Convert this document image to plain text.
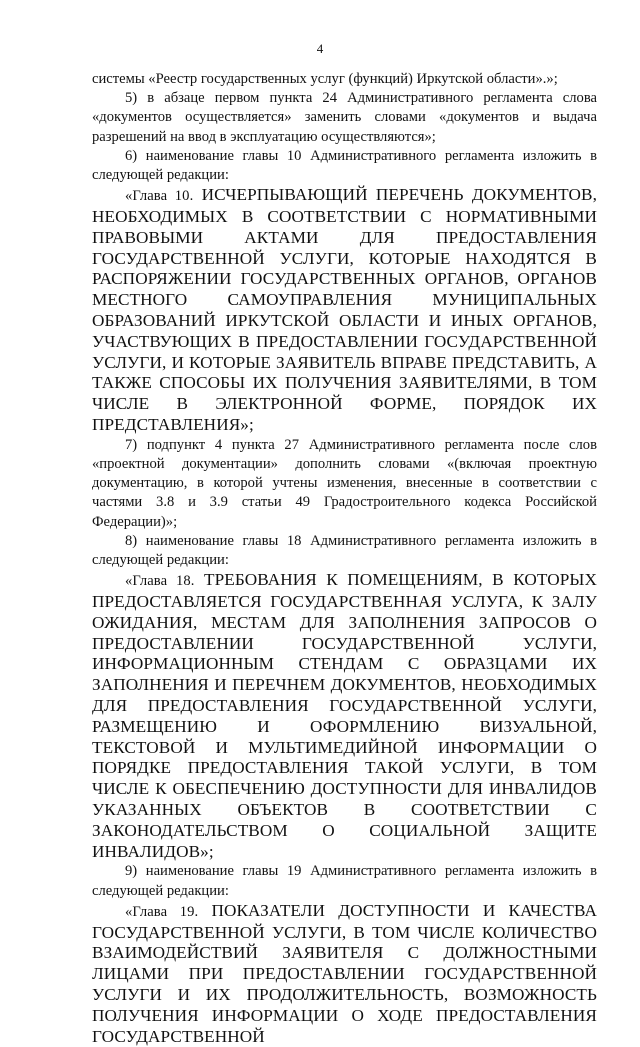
4

системы «Реестр государственных услуг (функций) Иркутской области».»;

5) в абзаце первом пункта 24 Административного регламента слова «документов осуществляется» заменить словами «документов и выдача разрешений на ввод в эксплуатацию осуществляются»;

6) наименование главы 10 Административного регламента изложить в следующей редакции:

«Глава 10. ИСЧЕРПЫВАЮЩИЙ ПЕРЕЧЕНЬ ДОКУМЕНТОВ, НЕОБХОДИМЫХ В СООТВЕТСТВИИ С НОРМАТИВНЫМИ ПРАВОВЫМИ АКТАМИ ДЛЯ ПРЕДОСТАВЛЕНИЯ ГОСУДАРСТВЕННОЙ УСЛУГИ, КОТОРЫЕ НАХОДЯТСЯ В РАСПОРЯЖЕНИИ ГОСУДАРСТВЕННЫХ ОРГАНОВ, ОРГАНОВ МЕСТНОГО САМОУПРАВЛЕНИЯ МУНИЦИПАЛЬНЫХ ОБРАЗОВАНИЙ ИРКУТСКОЙ ОБЛАСТИ И ИНЫХ ОРГАНОВ, УЧАСТВУЮЩИХ В ПРЕДОСТАВЛЕНИИ ГОСУДАРСТВЕННОЙ УСЛУГИ, И КОТОРЫЕ ЗАЯВИТЕЛЬ ВПРАВЕ ПРЕДСТАВИТЬ, А ТАКЖЕ СПОСОБЫ ИХ ПОЛУЧЕНИЯ ЗАЯВИТЕЛЯМИ, В ТОМ ЧИСЛЕ В ЭЛЕКТРОННОЙ ФОРМЕ, ПОРЯДОК ИХ ПРЕДСТАВЛЕНИЯ»;

7) подпункт 4 пункта 27 Административного регламента после слов «проектной документации» дополнить словами «(включая проектную документацию, в которой учтены изменения, внесенные в соответствии с частями 3.8 и 3.9 статьи 49 Градостроительного кодекса Российской Федерации)»;

8) наименование главы 18 Административного регламента изложить в следующей редакции:

«Глава 18. ТРЕБОВАНИЯ К ПОМЕЩЕНИЯМ, В КОТОРЫХ ПРЕДОСТАВЛЯЕТСЯ ГОСУДАРСТВЕННАЯ УСЛУГА, К ЗАЛУ ОЖИДАНИЯ, МЕСТАМ ДЛЯ ЗАПОЛНЕНИЯ ЗАПРОСОВ О ПРЕДОСТАВЛЕНИИ ГОСУДАРСТВЕННОЙ УСЛУГИ, ИНФОРМАЦИОННЫМ СТЕНДАМ С ОБРАЗЦАМИ ИХ ЗАПОЛНЕНИЯ И ПЕРЕЧНЕМ ДОКУМЕНТОВ, НЕОБХОДИМЫХ ДЛЯ ПРЕДОСТАВЛЕНИЯ ГОСУДАРСТВЕННОЙ УСЛУГИ, РАЗМЕЩЕНИЮ И ОФОРМЛЕНИЮ ВИЗУАЛЬНОЙ, ТЕКСТОВОЙ И МУЛЬТИМЕДИЙНОЙ ИНФОРМАЦИИ О ПОРЯДКЕ ПРЕДОСТАВЛЕНИЯ ТАКОЙ УСЛУГИ, В ТОМ ЧИСЛЕ К ОБЕСПЕЧЕНИЮ ДОСТУПНОСТИ ДЛЯ ИНВАЛИДОВ УКАЗАННЫХ ОБЪЕКТОВ В СООТВЕТСТВИИ С ЗАКОНОДАТЕЛЬСТВОМ О СОЦИАЛЬНОЙ ЗАЩИТЕ ИНВАЛИДОВ»;

9) наименование главы 19 Административного регламента изложить в следующей редакции:

«Глава 19. ПОКАЗАТЕЛИ ДОСТУПНОСТИ И КАЧЕСТВА ГОСУДАРСТВЕННОЙ УСЛУГИ, В ТОМ ЧИСЛЕ КОЛИЧЕСТВО ВЗАИМОДЕЙСТВИЙ ЗАЯВИТЕЛЯ С ДОЛЖНОСТНЫМИ ЛИЦАМИ ПРИ ПРЕДОСТАВЛЕНИИ ГОСУДАРСТВЕННОЙ УСЛУГИ И ИХ ПРОДОЛЖИТЕЛЬНОСТЬ, ВОЗМОЖНОСТЬ ПОЛУЧЕНИЯ ИНФОРМАЦИИ О ХОДЕ ПРЕДОСТАВЛЕНИЯ ГОСУДАРСТВЕННОЙ
